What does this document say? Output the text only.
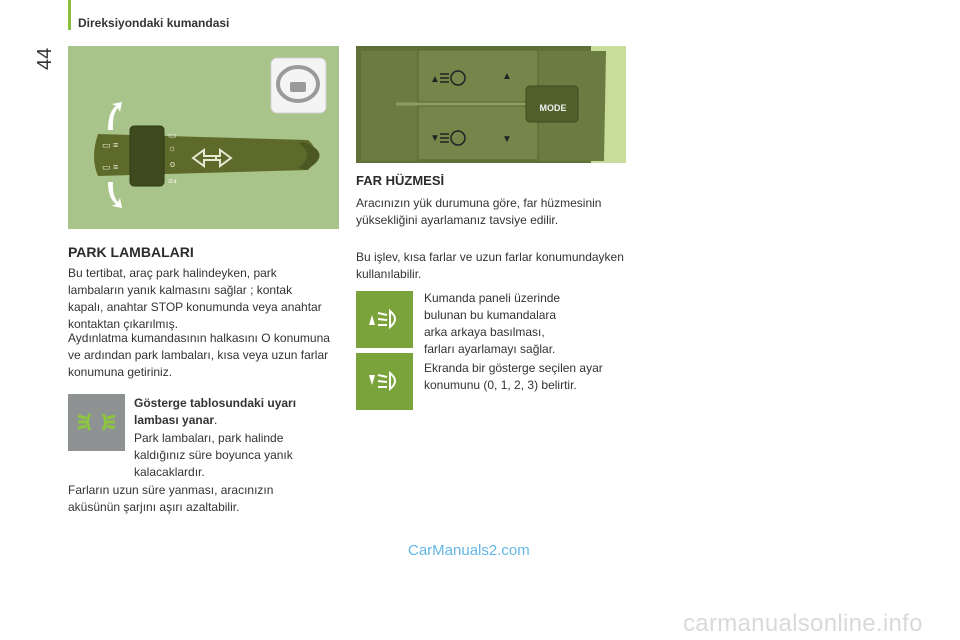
44
Direksiyondaki kumandasi
▭ ≡
▭ ≡
▭
☼
o
≡◐
▲	▲
▼	▼
MODE
PARK LAMBALARI
Bu tertibat, araç park halindeyken, park lambaların yanık kalmasını sağlar ; kontak kapalı, anahtar STOP konumunda veya anahtar kontaktan çıkarılmış.
Aydınlatma kumandasının halkasını O konumuna ve ardından park lambaları, kısa veya uzun farlar konumuna getiriniz.
Gösterge tablosundaki uyarı lambası yanar.
Park lambaları, park halinde kaldığınız süre boyunca yanık kalacaklardır.
Farların uzun süre yanması, aracınızın aküsünün şarjını aşırı azaltabilir.
FAR HÜZMESİ
Aracınızın yük durumuna göre, far hüzmesinin yüksekliğini ayarlamanız tavsiye edilir.
Bu işlev, kısa farlar ve uzun farlar konumundayken kullanılabilir.
Kumanda paneli üzerinde bulunan bu kumandalara arka arkaya basılması, farları ayarlamayı sağlar.
Ekranda bir gösterge seçilen ayar konumunu (0, 1, 2, 3) belirtir.
CarManuals2.com
carmanualsonline.info
